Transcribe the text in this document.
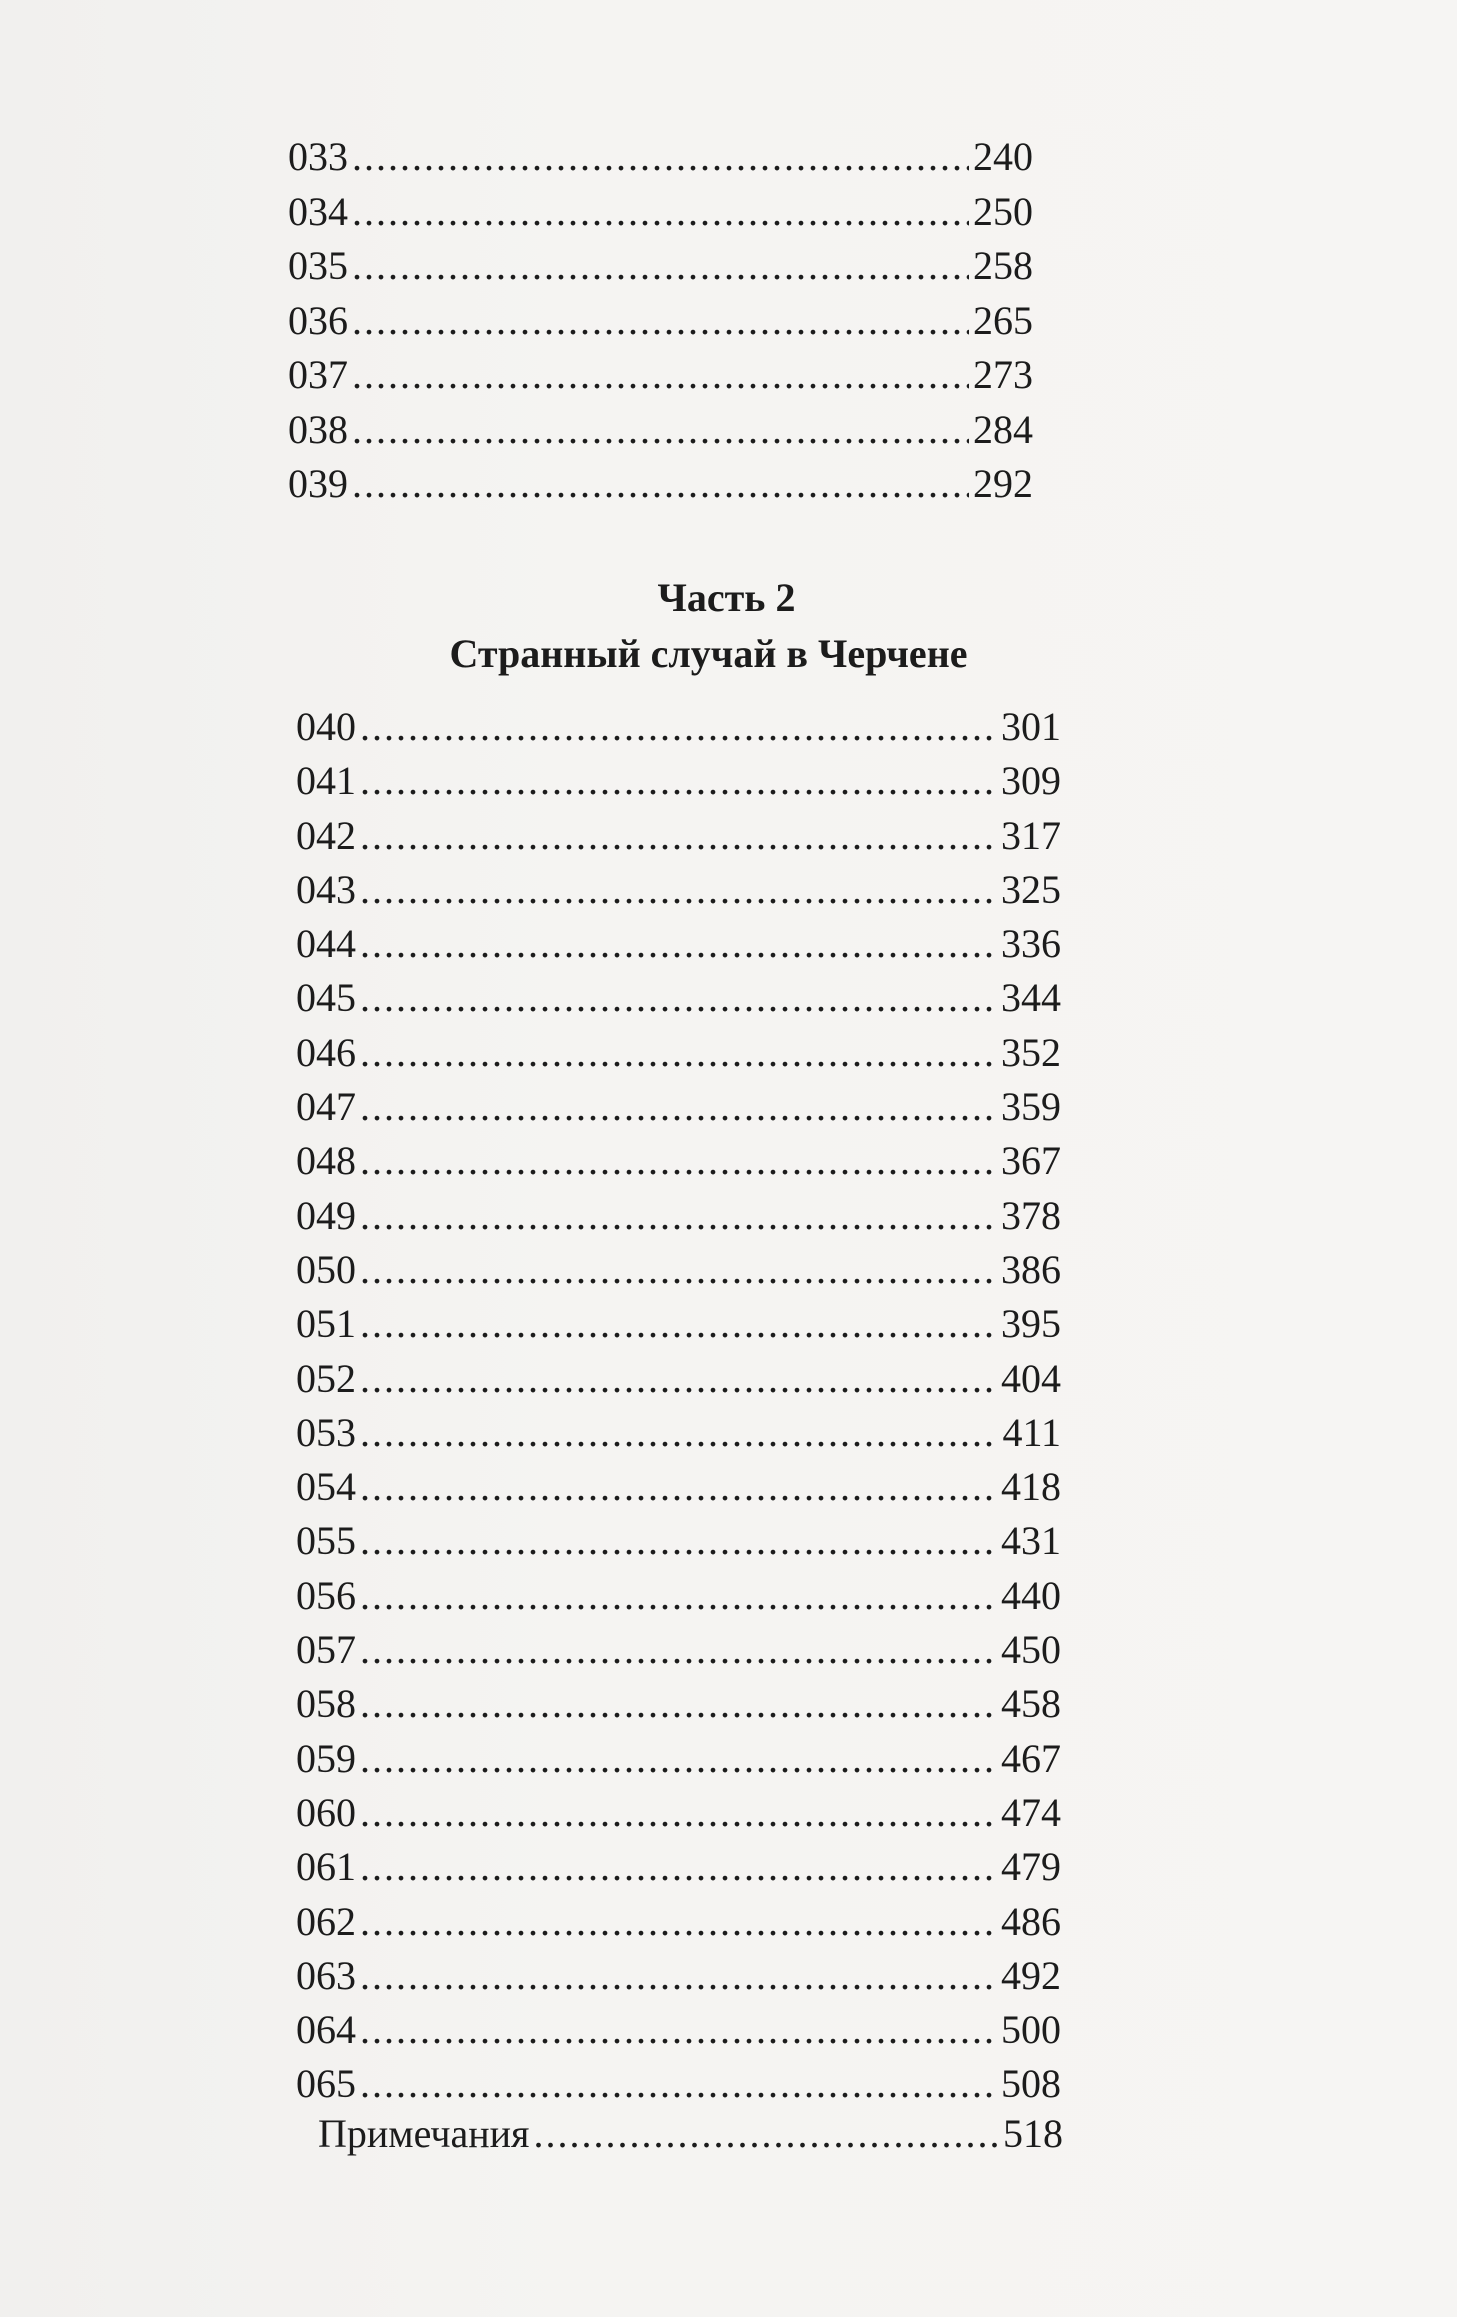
033 .....	240
034 .....	250
035 .....	258
036 .....	265
037 .....	273
038 .....	284
039 .....	292
Часть 2
Странный случай в Черчене
040 .....	301
041 .....	309
042 .....	317
043 .....	325
044 .....	336
045 .....	344
046 .....	352
047 .....	359
048 .....	367
049 .....	378
050 .....	386
051 .....	395
052 .....	404
053 .....	411
054 .....	418
055 .....	431
056 .....	440
057 .....	450
058 .....	458
059 .....	467
060 .....	474
061 .....	479
062 .....	486
063 .....	492
064 .....	500
065 .....	508
Примечания .....	518
